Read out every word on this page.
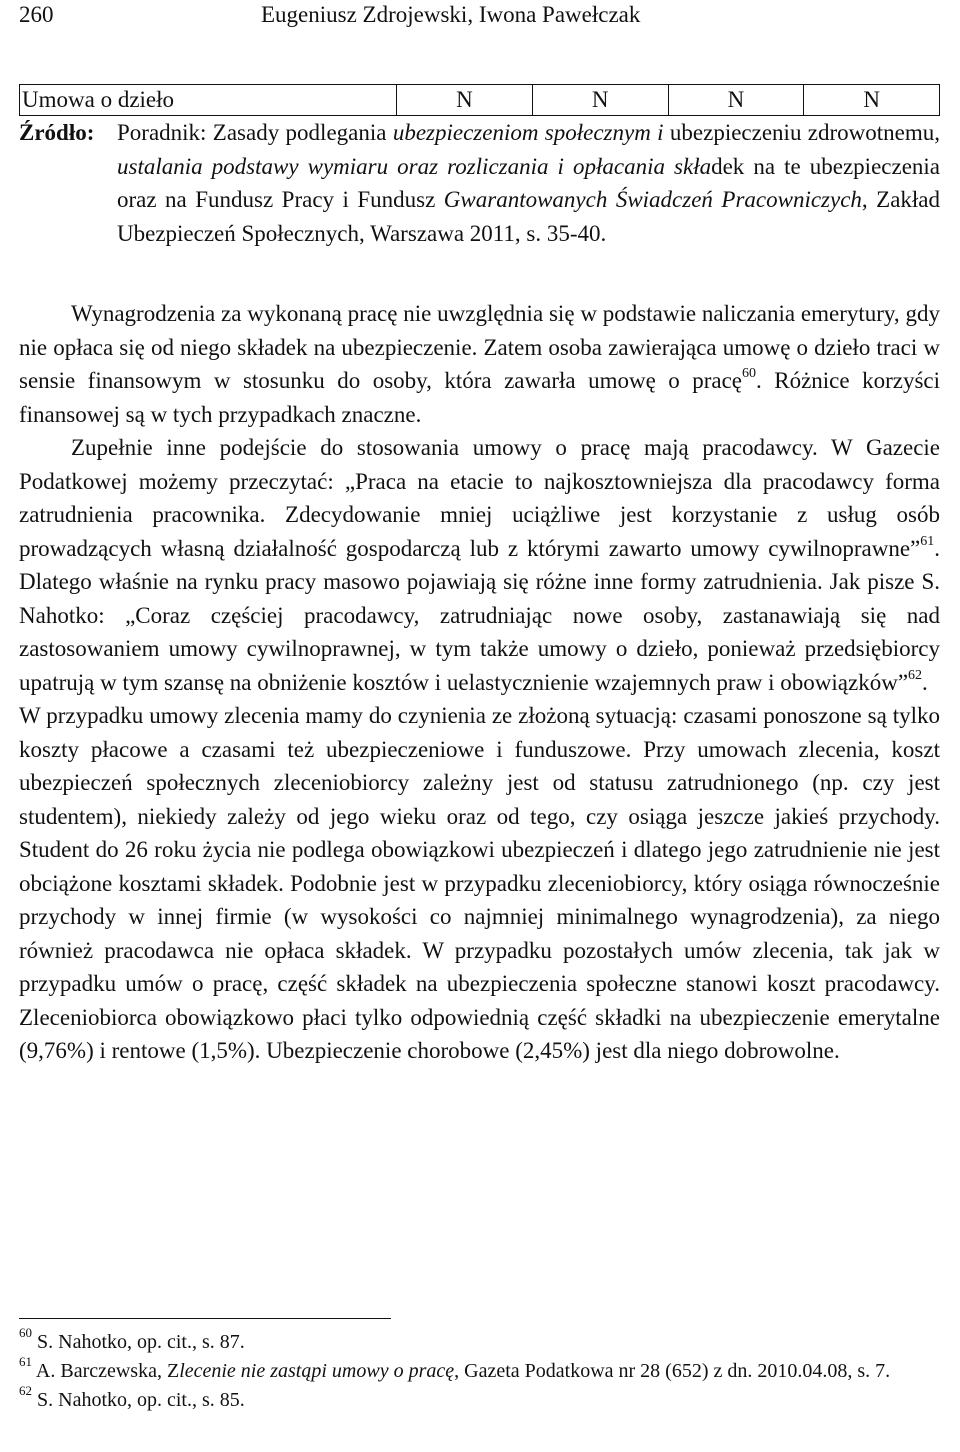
260	Eugeniusz Zdrojewski, Iwona Pawełczak
Umowa o dzieło	N	N	N	N
Źródło: Poradnik: Zasady podlegania ubezpieczeniom społecznym i ubezpieczeniu zdrowotnemu, ustalania podstawy wymiaru oraz rozliczania i opłacania składek na te ubezpieczenia oraz na Fundusz Pracy i Fundusz Gwarantowanych Świadczeń Pracowniczych, Zakład Ubezpieczeń Społecznych, Warszawa 2011, s. 35-40.

Wynagrodzenia za wykonaną pracę nie uwzględnia się w podstawie naliczania emerytury, gdy nie opłaca się od niego składek na ubezpieczenie. Zatem osoba zawierająca umowę o dzieło traci w sensie finansowym w stosunku do osoby, która zawarła umowę o pracę$^{60}$. Różnice korzyści finansowej są w tych przypadkach znaczne.

Zupełnie inne podejście do stosowania umowy o pracę mają pracodawcy. W Gazecie Podatkowej możemy przeczytać: „Praca na etacie to najkosztowniejsza dla pracodawcy forma zatrudnienia pracownika. Zdecydowanie mniej uciążliwe jest korzystanie z usług osób prowadzących własną działalność gospodarczą lub z którymi zawarto umowy cywilnoprawne”$^{61}$. Dlatego właśnie na rynku pracy masowo pojawiają się różne inne formy zatrudnienia. Jak pisze S. Nahotko: „Coraz częściej pracodawcy, zatrudniając nowe osoby, zastanawiają się nad zastosowaniem umowy cywilnoprawnej, w tym także umowy o dzieło, ponieważ przedsiębiorcy upatrują w tym szansę na obniżenie kosztów i uelastycznienie wzajemnych praw i obowiązków”$^{62}$.

W przypadku umowy zlecenia mamy do czynienia ze złożoną sytuacją: czasami ponoszone są tylko koszty płacowe a czasami też ubezpieczeniowe i funduszowe. Przy umowach zlecenia, koszt ubezpieczeń społecznych zleceniobiorcy zależny jest od statusu zatrudnionego (np. czy jest studentem), niekiedy zależy od jego wieku oraz od tego, czy osiąga jeszcze jakieś przychody. Student do 26 roku życia nie podlega obowiązkowi ubezpieczeń i dlatego jego zatrudnienie nie jest obciążone kosztami składek. Podobnie jest w przypadku zleceniobiorcy, który osiąga równocześnie przychody w innej firmie (w wysokości co najmniej minimalnego wynagrodzenia), za niego również pracodawca nie opłaca składek. W przypadku pozostałych umów zlecenia, tak jak w przypadku umów o pracę, część składek na ubezpieczenia społeczne stanowi koszt pracodawcy. Zleceniobiorca obowiązkowo płaci tylko odpowiednią część składki na ubezpieczenie emerytalne (9,76%) i rentowe (1,5%). Ubezpieczenie chorobowe (2,45%) jest dla niego dobrowolne.

$^{60}$ S. Nahotko, op. cit., s. 87.

$^{61}$ A. Barczewska, Zlecenie nie zastąpi umowy o pracę, Gazeta Podatkowa nr 28 (652) z dn. 2010.04.08, s. 7.

$^{62}$ S. Nahotko, op. cit., s. 85.
